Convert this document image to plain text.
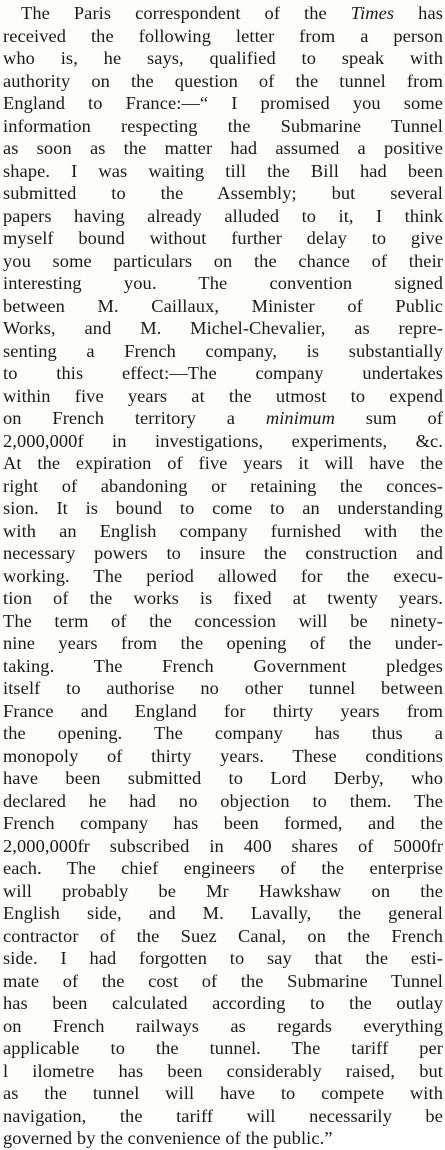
The Paris correspondent of the Times has
received the following letter from a person
who is, he says, qualified to speak with
authority on the question of the tunnel from
England to France:—“ I promised you some
information respecting the Submarine Tunnel
as soon as the matter had assumed a positive
shape. I was waiting till the Bill had been
submitted to the Assembly; but several
papers having already alluded to it, I think
myself bound without further delay to give
you some particulars on the chance of their
interesting you. The convention signed
between M. Caillaux, Minister of Public
Works, and M. Michel-Chevalier, as repre-
senting a French company, is substantially
to this effect:—The company undertakes
within five years at the utmost to expend
on French territory a minimum sum of
2,000,000f in investigations, experiments, &c.
At the expiration of five years it will have the
right of abandoning or retaining the conces-
sion. It is bound to come to an understanding
with an English company furnished with the
necessary powers to insure the construction and
working. The period allowed for the execu-
tion of the works is fixed at twenty years.
The term of the concession will be ninety-
nine years from the opening of the under-
taking. The French Government pledges
itself to authorise no other tunnel between
France and England for thirty years from
the opening. The company has thus a
monopoly of thirty years. These conditions
have been submitted to Lord Derby, who
declared he had no objection to them. The
French company has been formed, and the
2,000,000fr subscribed in 400 shares of 5000fr
each. The chief engineers of the enterprise
will probably be Mr Hawkshaw on the
English side, and M. Lavally, the general
contractor of the Suez Canal, on the French
side. I had forgotten to say that the esti-
mate of the cost of the Submarine Tunnel
has been calculated according to the outlay
on French railways as regards everything
applicable to the tunnel. The tariff per
l ilometre has been considerably raised, but
as the tunnel will have to compete with
navigation, the tariff will necessarily be
governed by the convenience of the public.”
